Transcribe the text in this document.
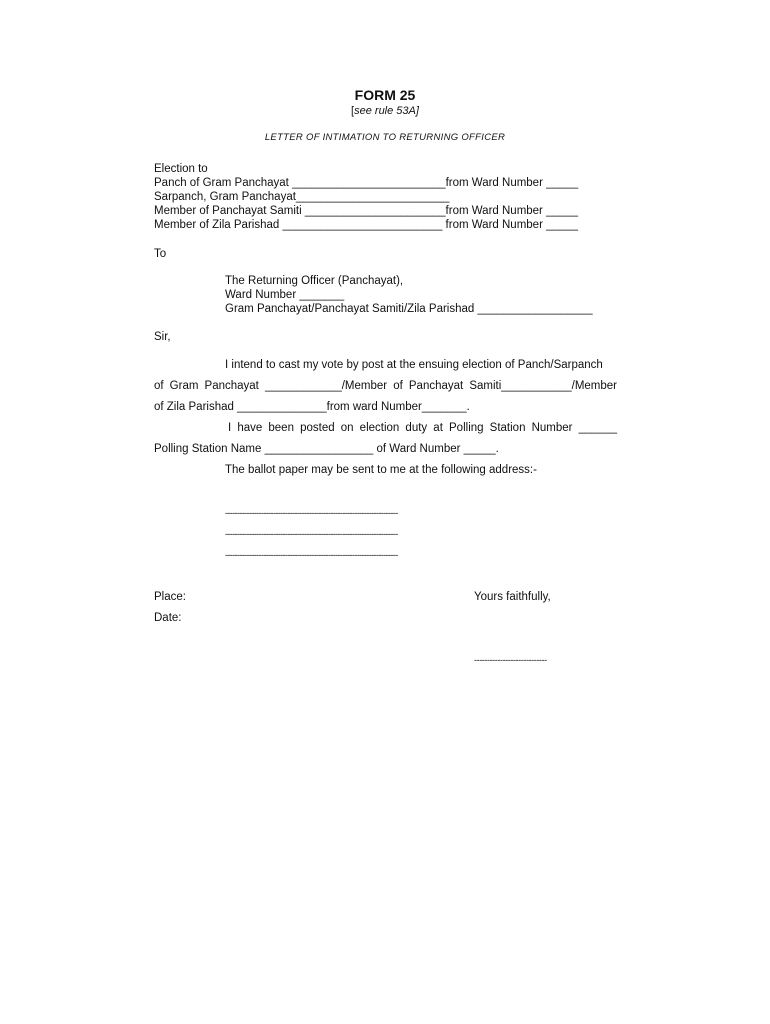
FORM 25
[see rule 53A]
LETTER OF INTIMATION TO RETURNING OFFICER
Election to
Panch of Gram Panchayat ________________________from Ward Number _____
Sarpanch, Gram Panchayat________________________
Member of Panchayat Samiti ______________________from Ward Number _____
Member of Zila Parishad _________________________ from Ward Number _____
To
The Returning Officer (Panchayat),
Ward Number _______
Gram Panchayat/Panchayat Samiti/Zila Parishad __________________
Sir,
I intend to cast my vote by post at the ensuing election of Panch/Sarpanch
of Gram Panchayat ____________/Member of Panchayat Samiti___________/Member
of Zila Parishad ______________from ward Number_______.
I have been posted on election duty at Polling Station Number ______
Polling Station Name _________________ of Ward Number _____.
The ballot paper may be sent to me at the following address:-
------------------------------------------------------------------------
------------------------------------------------------------------------
------------------------------------------------------------------------
Place:	Yours faithfully,
Date:
----------------------------
